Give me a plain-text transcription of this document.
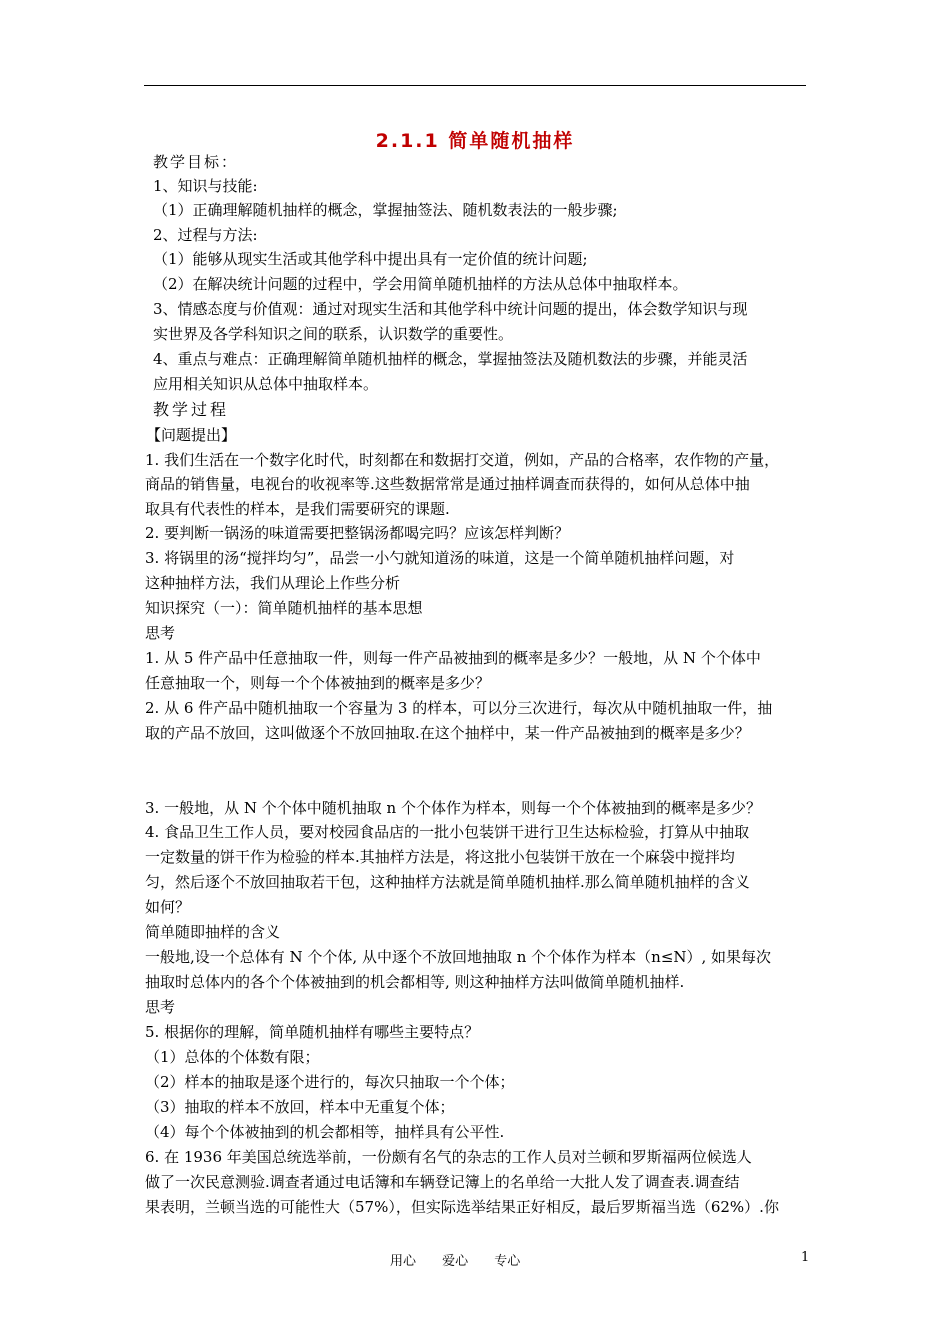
2.1.1 简单随机抽样
教学目标：
1、知识与技能:
（1）正确理解随机抽样的概念，掌握抽签法、随机数表法的一般步骤;
2、过程与方法:
（1）能够从现实生活或其他学科中提出具有一定价值的统计问题;
（2）在解决统计问题的过程中，学会用简单随机抽样的方法从总体中抽取样本。
3、情感态度与价值观：通过对现实生活和其他学科中统计问题的提出，体会数学知识与现
实世界及各学科知识之间的联系，认识数学的重要性。
4、重点与难点：正确理解简单随机抽样的概念，掌握抽签法及随机数法的步骤，并能灵活
应用相关知识从总体中抽取样本。
教学过程
【问题提出】
1. 我们生活在一个数字化时代，时刻都在和数据打交道，例如，产品的合格率，农作物的产量，
商品的销售量，电视台的收视率等.这些数据常常是通过抽样调查而获得的，如何从总体中抽
取具有代表性的样本，是我们需要研究的课题.
2. 要判断一锅汤的味道需要把整锅汤都喝完吗？应该怎样判断？
3. 将锅里的汤“搅拌均匀”，品尝一小勺就知道汤的味道，这是一个简单随机抽样问题，对
这种抽样方法，我们从理论上作些分析
知识探究（一）：简单随机抽样的基本思想
思考
1. 从 5 件产品中任意抽取一件，则每一件产品被抽到的概率是多少？一般地，从 N 个个体中
任意抽取一个，则每一个个体被抽到的概率是多少？
2. 从 6 件产品中随机抽取一个容量为 3 的样本，可以分三次进行，每次从中随机抽取一件，抽
取的产品不放回，这叫做逐个不放回抽取.在这个抽样中，某一件产品被抽到的概率是多少？
3. 一般地，从 N 个个体中随机抽取 n 个个体作为样本，则每一个个体被抽到的概率是多少？
4. 食品卫生工作人员，要对校园食品店的一批小包装饼干进行卫生达标检验，打算从中抽取
一定数量的饼干作为检验的样本.其抽样方法是，将这批小包装饼干放在一个麻袋中搅拌均
匀，然后逐个不放回抽取若干包，这种抽样方法就是简单随机抽样.那么简单随机抽样的含义
如何？
简单随即抽样的含义
一般地,设一个总体有 N 个个体, 从中逐个不放回地抽取 n 个个体作为样本（n≤N）, 如果每次
抽取时总体内的各个个体被抽到的机会都相等, 则这种抽样方法叫做简单随机抽样.
思考
5. 根据你的理解，简单随机抽样有哪些主要特点？
（1）总体的个体数有限；
（2）样本的抽取是逐个进行的，每次只抽取一个个体；
（3）抽取的样本不放回，样本中无重复个体；
（4）每个个体被抽到的机会都相等，抽样具有公平性.
6. 在 1936 年美国总统选举前，一份颇有名气的杂志的工作人员对兰顿和罗斯福两位候选人
做了一次民意测验.调查者通过电话簿和车辆登记簿上的名单给一大批人发了调查表.调查结
果表明，兰顿当选的可能性大（57%），但实际选举结果正好相反，最后罗斯福当选（62%）.你
用心 爱心 专心	1
